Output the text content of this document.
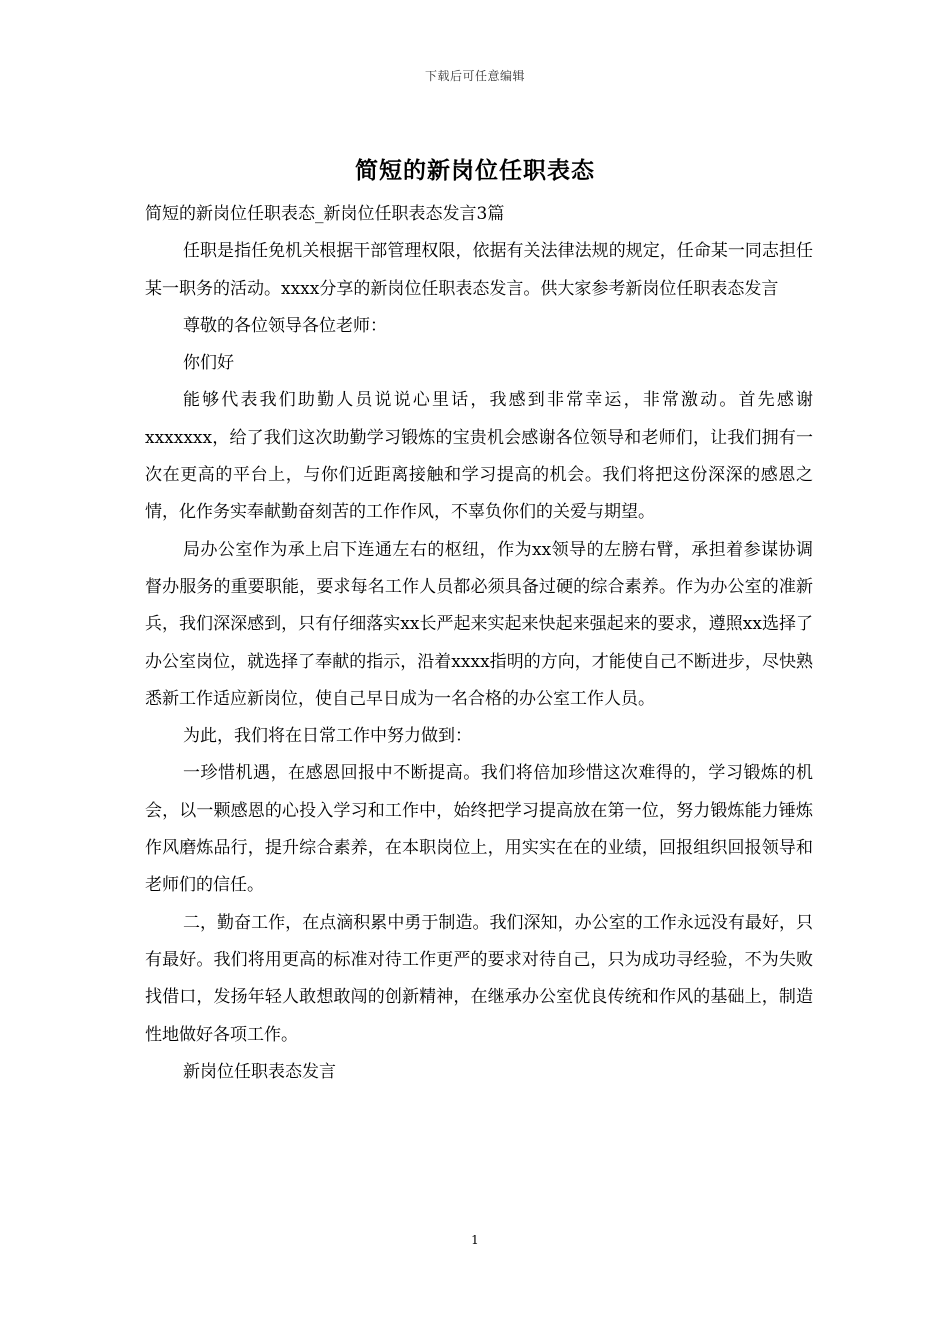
下载后可任意编辑
简短的新岗位任职表态

简短的新岗位任职表态_新岗位任职表态发言3篇

任职是指任免机关根据干部管理权限，依据有关法律法规的规定，任命某一同志担任某一职务的活动。xxxx分享的新岗位任职表态发言。供大家参考新岗位任职表态发言

尊敬的各位领导各位老师：

你们好

能够代表我们助勤人员说说心里话，我感到非常幸运，非常激动。首先感谢xxxxxxx，给了我们这次助勤学习锻炼的宝贵机会感谢各位领导和老师们，让我们拥有一次在更高的平台上，与你们近距离接触和学习提高的机会。我们将把这份深深的感恩之情，化作务实奉献勤奋刻苦的工作作风，不辜负你们的关爱与期望。

局办公室作为承上启下连通左右的枢纽，作为xx领导的左膀右臂，承担着参谋协调督办服务的重要职能，要求每名工作人员都必须具备过硬的综合素养。作为办公室的准新兵，我们深深感到，只有仔细落实xx长严起来实起来快起来强起来的要求，遵照xx选择了办公室岗位，就选择了奉献的指示，沿着xxxx指明的方向，才能使自己不断进步，尽快熟悉新工作适应新岗位，使自己早日成为一名合格的办公室工作人员。

为此，我们将在日常工作中努力做到：

一珍惜机遇，在感恩回报中不断提高。我们将倍加珍惜这次难得的，学习锻炼的机会，以一颗感恩的心投入学习和工作中，始终把学习提高放在第一位，努力锻炼能力锤炼作风磨炼品行，提升综合素养，在本职岗位上，用实实在在的业绩，回报组织回报领导和老师们的信任。

二，勤奋工作，在点滴积累中勇于制造。我们深知，办公室的工作永远没有最好，只有最好。我们将用更高的标准对待工作更严的要求对待自己，只为成功寻经验，不为失败找借口，发扬年轻人敢想敢闯的创新精神，在继承办公室优良传统和作风的基础上，制造性地做好各项工作。

新岗位任职表态发言

1
